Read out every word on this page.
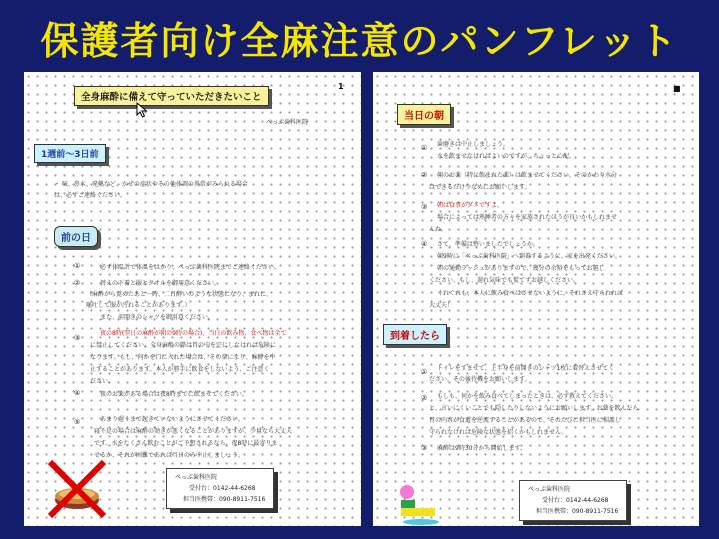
保護者向け全麻注意のパンフレット
全身麻酔に備えて守っていただきたいこと
1
ぺっぷ歯科医院
1週前～3日前
・ 咳、鼻水、発熱など、かぜの症状やその他体調の異常がみられる場合
は、必ずご連絡ください。
前の日
①	必ず体温計で体温をはかり、ぺっぷ歯科医院までご連絡ください。
②	替えの下着と服とタオルを御用意ください。
（麻酔から覚めたあと一時、二日酔いのような状態になり、まれに、
嘔吐して服が汚れることがあります。）
また、前開きのシャツを御用意ください。
③
夜の8時(翌日の麻酔が朝の9時の場合)、当日の飲み物、食べ物は全て
に禁止してください。全身麻酔の際は胃の中を空にしなければ危険に
なります。もし、何かを口に入れた場合は、その量により、麻酔を中
止することがあります。本人が勝手に飲食をしないよう、ご注意く
ださい。
④	夜のお薬がある場合は夜8時までに飲ませてください。
⑤	あまり遅くまで起きていないようにさせてください。
寝不足の場合は麻酔の効きが悪くなることがありますが、少量なら大丈夫
です。水をたくさん飲むことがご予想されるなら、夜8時に最寄りま
せるか、それが困難であれば当日のみ中止しましょう。
ぺっぷ歯科医院
受付台：0142-44-6268
担当医携帯：090-8911-7516
■
当日の朝
① 歯磨きは中止しましょう。
水を飲ませなければよいのですが、ちょっと心配。
② 朝のお薬（特に飲まれた薬）は飲ませてください。そのかわり水分
はできるだけ少なめにお願いします。
③ 朝は食事がダメですよ。
場合によっては熟睡者の方々を家族されたほうが良いかもしれませ
んね。
④ さて、準備は整いましたでしょうか。
朝9時に「ぺっぷ歯科医院」へ到着するように、家を出発ください。
朝の通勤ラッシュがありますので、幾分の余裕をもってお越し
ください。もし、遅れ気味でも慌てずお越しください。
くれぐれも、本人に飲み食べはさせないように。それさえ守られれば
大丈夫！
到着したら
① トイレをすませて、上半身を前開きのシャツ1枚に着替えさせてく
ださい。その後待機をお願いします。
② もしも、何かを飲み食べてしまったときは、必ず教えてください。
と、言いにくいことでも隠したりしないようにお願いします。お薬を飲んだら
胃の内容が食道を逆流することがあるので、そのたびに担当医に相談し
守られなければ危険な状態を招くかもしれません。
③ 麻酔は9時30分から開始します。
ぺっぷ歯科医院
受付台：0142-44-6268
担当医携帯：090-8911-7516
